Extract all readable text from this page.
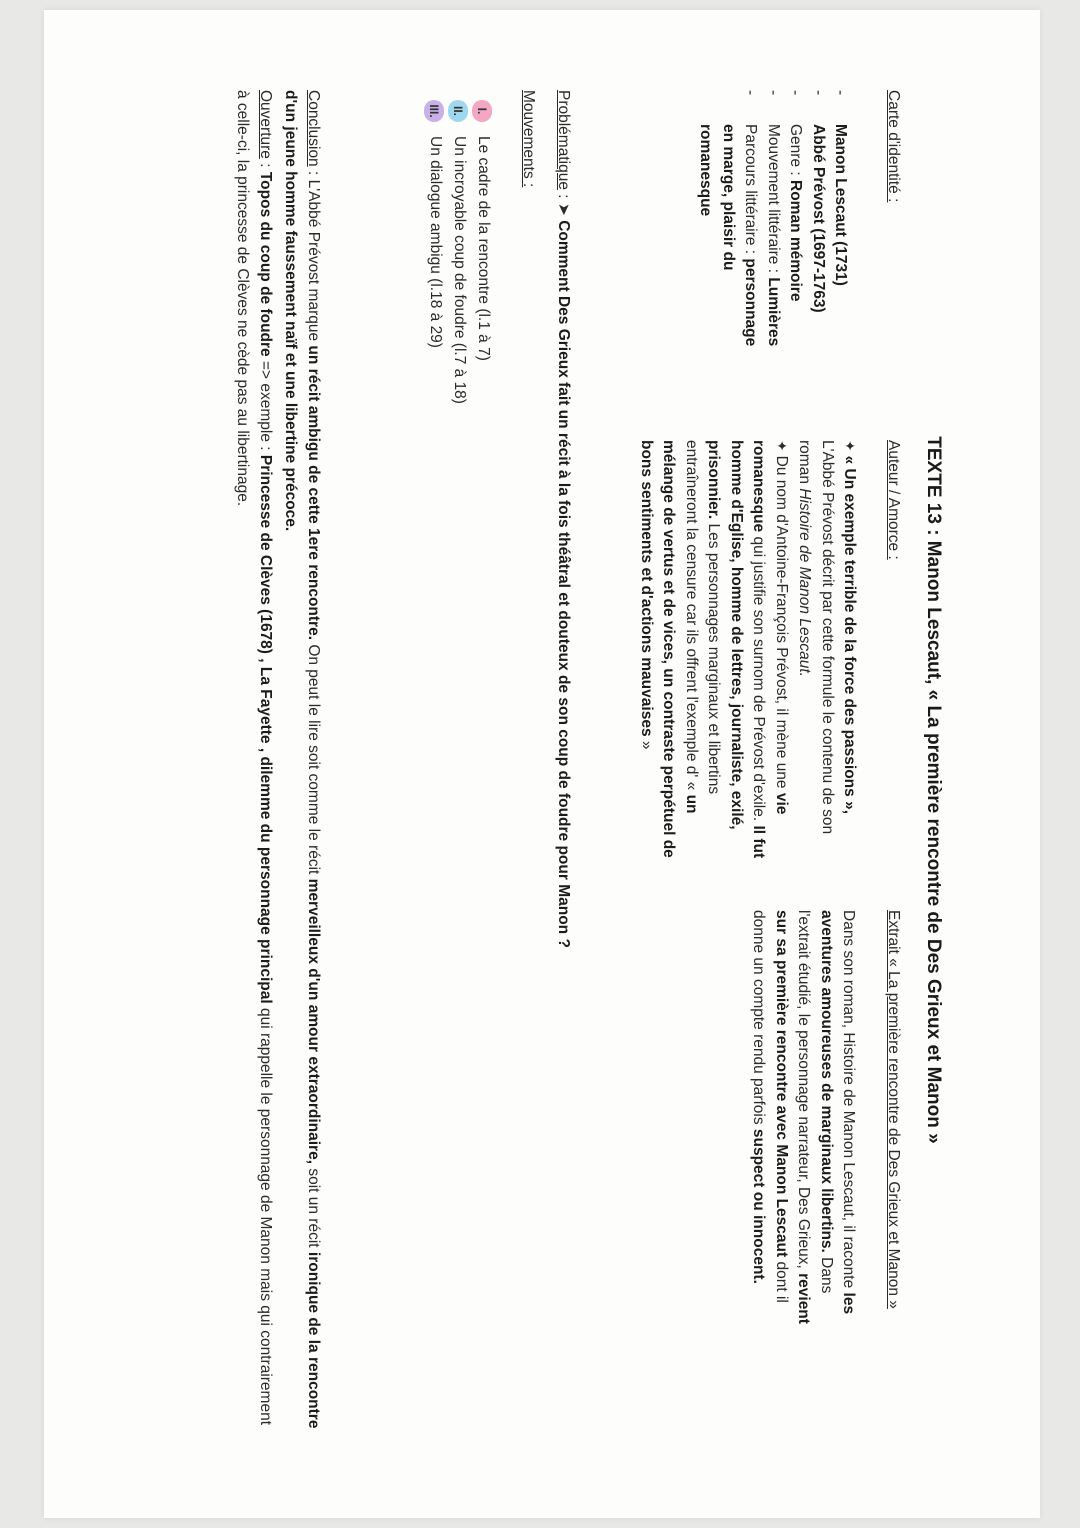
TEXTE 13 : Manon Lescaut, « La première rencontre de Des Grieux et Manon »
Carte d'identité :
- Manon Lescaut (1731)
- Abbé Prévost (1697-1763)
- Genre : Roman mémoire
- Mouvement littéraire : Lumières
- Parcours littéraire : personnage en marge, plaisir du romanesque
Auteur / Amorce :
✦ « Un exemple terrible de la force des passions », L'Abbé Prévost décrit par cette formule le contenu de son roman Histoire de Manon Lescaut.
✦ Du nom d'Antoine-François Prévost, il mène une vie romanesque qui justifie son surnom de Prévost d'exile. Il fut homme d'Eglise, homme de lettres, journaliste, exilé, prisonnier. Les personnages marginaux et libertins entraîneront la censure car ils offrent l'exemple d' « un mélange de vertus et de vices, un contraste perpétuel de bons sentiments et d'actions mauvaises »
Extrait « La première rencontre de Des Grieux et Manon »
Dans son roman, Histoire de Manon Lescaut, il raconte les aventures amoureuses de marginaux libertins. Dans l'extrait étudié, le personnage narrateur, Des Grieux, revient sur sa première rencontre avec Manon Lescaut dont il donne un compte rendu parfois suspect ou innocent.
Problématique : ➤ Comment Des Grieux fait un récit à la fois théâtral et douteux de son coup de foudre pour Manon ?
Mouvements :
I.
Le cadre de la rencontre (l.1 à 7)
II.
Un incroyable coup de foudre (l.7 à 18)
III.
Un dialogue ambigu (l.18 à 29)
Conclusion : L'Abbé Prévost marque un récit ambigu de cette 1ere rencontre. On peut le lire soit comme le récit merveilleux d'un amour extraordinaire, soit un récit ironique de la rencontre d'un jeune homme faussement naïf et une libertine précoce.
Ouverture : Topos du coup de foudre => exemple : Princesse de Clèves (1678) , La Fayette , dilemme du personnage principal qui rappelle le personnage de Manon mais qui contrairement à celle-ci, la princesse de Clèves ne cède pas au libertinage.
